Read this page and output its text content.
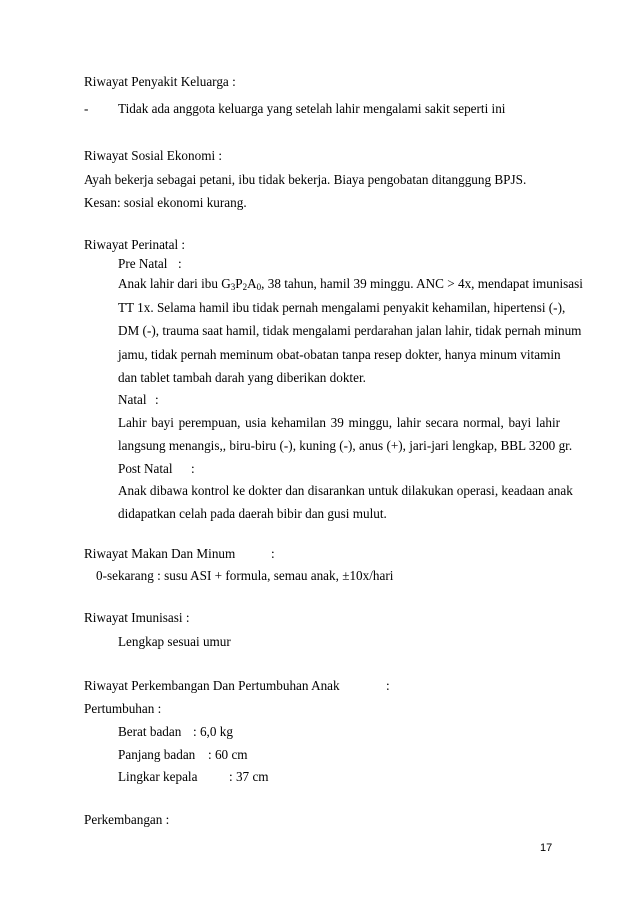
Riwayat Penyakit Keluarga :
- Tidak ada anggota keluarga yang setelah lahir mengalami sakit seperti ini
Riwayat Sosial Ekonomi :
Ayah bekerja sebagai petani, ibu tidak bekerja. Biaya pengobatan ditanggung BPJS.
Kesan: sosial ekonomi kurang.
Riwayat Perinatal :
Pre Natal :
Anak lahir dari ibu $G_3P_2A_0$, 38 tahun, hamil 39 minggu. ANC > 4x, mendapat imunisasi
TT 1x. Selama hamil ibu tidak pernah mengalami penyakit kehamilan, hipertensi (-),
DM (-), trauma saat hamil, tidak mengalami perdarahan jalan lahir, tidak pernah minum
jamu, tidak pernah meminum obat-obatan tanpa resep dokter, hanya minum vitamin
dan tablet tambah darah yang diberikan dokter.
Natal :
Lahir bayi perempuan, usia kehamilan 39 minggu, lahir secara normal, bayi lahir
langsung menangis,, biru-biru (-), kuning (-), anus (+), jari-jari lengkap, BBL 3200 gr.
Post Natal :
Anak dibawa kontrol ke dokter dan disarankan untuk dilakukan operasi, keadaan anak
didapatkan celah pada daerah bibir dan gusi mulut.
Riwayat Makan Dan Minum	:
0-sekarang : susu ASI + formula, semau anak, ±10x/hari
Riwayat Imunisasi :
Lengkap sesuai umur
Riwayat Perkembangan Dan Pertumbuhan Anak	:
Pertumbuhan :
Berat badan : 6,0 kg
Panjang badan : 60 cm
Lingkar kepala : 37 cm
Perkembangan :
17
